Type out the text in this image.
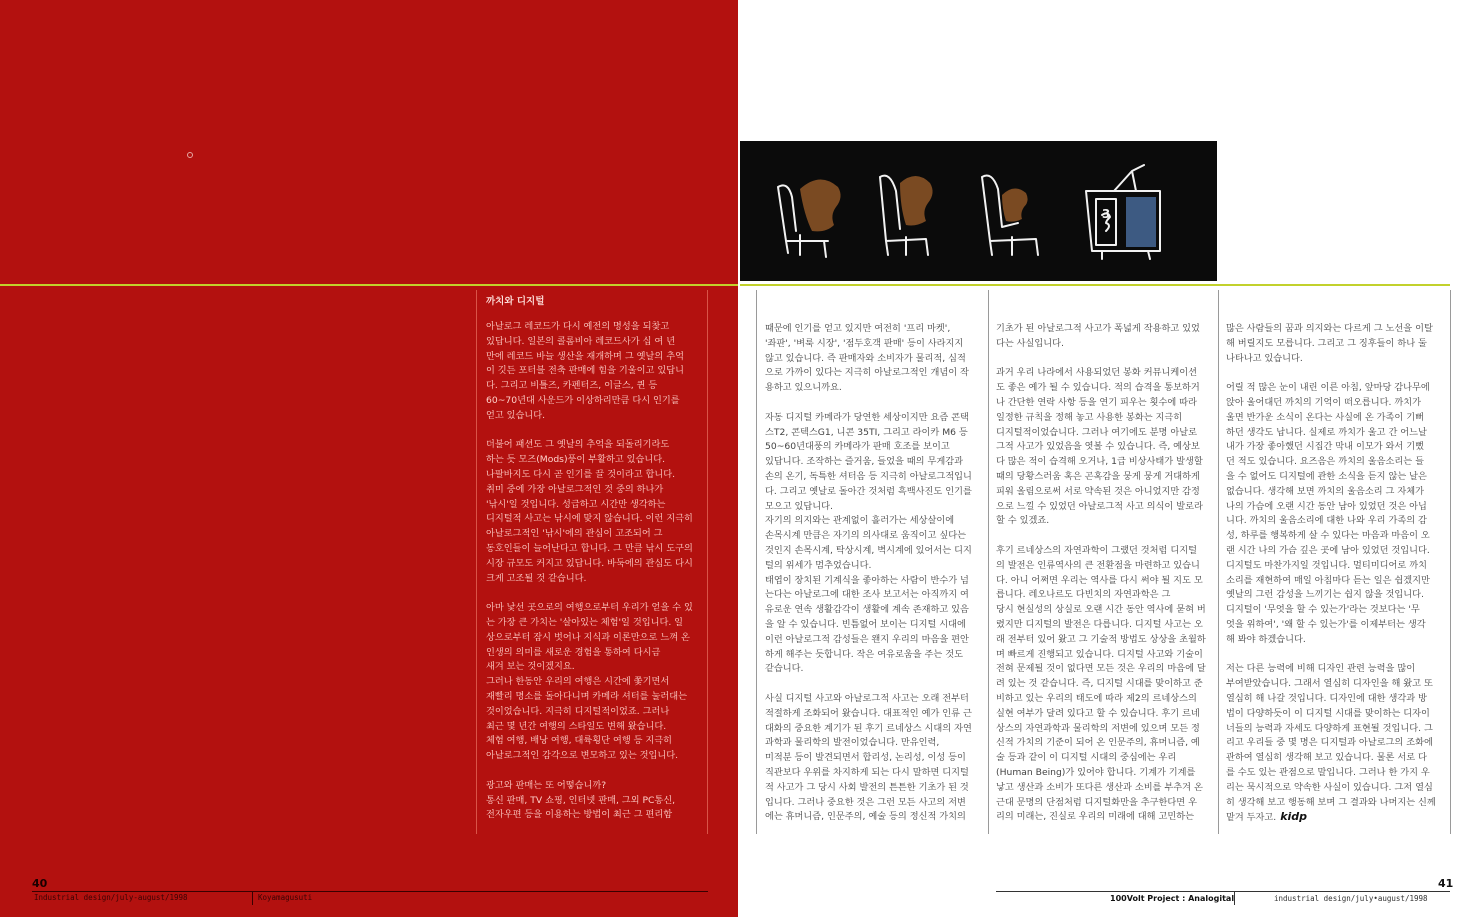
3
까치와 디지털
아날로그 레코드가 다시 예전의 명성을 되찾고
있답니다. 일본의 콜롬비아 레코드사가 십 여 년
만에 레코드 바늘 생산을 재개하며 그 옛날의 추억
이 깃든 포터블 전축 판매에 힘을 기울이고 있답니
다. 그리고 비틀즈, 카펜터즈, 이글스, 퀸 등
60~70년대 사운드가 이상하리만큼 다시 인기를
얻고 있습니다.

더불어 패션도 그 옛날의 추억을 되돌리기라도
하는 듯 모즈(Mods)풍이 부활하고 있습니다.
나팔바지도 다시 곧 인기를 끌 것이라고 합니다.
취미 중에 가장 아날로그적인 것 중의 하나가
'낚시'일 것입니다. 성급하고 시간만 생각하는
디지털적 사고는 낚시에 맞지 않습니다. 이런 지극히
아날로그적인 '낚시'에의 관심이 고조되어 그
동호인들이 늘어난다고 합니다. 그 만큼 낚시 도구의
시장 규모도 커지고 있답니다. 바둑에의 관심도 다시
크게 고조될 것 같습니다.

아마 낯선 곳으로의 여행으로부터 우리가 얻을 수 있
는 가장 큰 가치는 '살아있는 체험'일 것입니다. 일
상으로부터 잠시 벗어나 지식과 이론만으로 느껴 온
인생의 의미를 새로운 경험을 통하여 다시금
새겨 보는 것이겠지요.
그러나 한동안 우리의 여행은 시간에 쫓기면서
재빨리 명소를 돌아다니며 카메라 셔터를 눌러대는
것이었습니다. 지극히 디지털적이었죠. 그러나
최근 몇 년간 여행의 스타일도 변해 왔습니다.
체험 여행, 배낭 여행, 대륙횡단 여행 등 지극히
아날로그적인 감각으로 변모하고 있는 것입니다.

광고와 판매는 또 어떻습니까?
통신 판매, TV 쇼핑, 인터넷 판매, 그외 PC통신,
전자우편 등을 이용하는 방법이 최근 그 편리함
때문에 인기를 얻고 있지만 여전히 '프리 마켓',
'좌판', '벼룩 시장', '점두호객 판매' 등이 사라지지
않고 있습니다. 즉 판매자와 소비자가 물리적, 심적
으로 가까이 있다는 지극히 아날로그적인 개념이 작
용하고 있으니까요.

자동 디지털 카메라가 당연한 세상이지만 요즘 콘택
스T2, 콘텍스G1, 니콘 35TI, 그리고 라이카 M6 등
50~60년대풍의 카메라가 판매 호조를 보이고
있답니다. 조작하는 즐거움, 들었을 때의 무게감과
손의 온기, 독특한 셔터음 등 지극히 아날로그적입니
다. 그리고 옛날로 돌아간 것처럼 흑백사진도 인기를
모으고 있답니다.
자기의 의지와는 관계없이 흘러가는 세상살이에
손목시계 만큼은 자기의 의사대로 움직이고 싶다는
것인지 손목시계, 탁상시계, 벽시계에 있어서는 디지
털의 위세가 멈추었습니다.
태엽이 장치된 기계식을 좋아하는 사람이 반수가 넘
는다는 아날로그에 대한 조사 보고서는 아직까지 여
유로운 연속 생활감각이 생활에 계속 존재하고 있음
을 알 수 있습니다. 빈틈없어 보이는 디지털 시대에
이런 아날로그적 감성들은 왠지 우리의 마음을 편안
하게 해주는 듯합니다. 작은 여유로움을 주는 것도
같습니다.

사실 디지털 사고와 아날로그적 사고는 오래 전부터
적절하게 조화되어 왔습니다. 대표적인 예가 인류 근
대화의 중요한 계기가 된 후기 르네상스 시대의 자연
과학과 물리학의 발전이었습니다. 만유인력,
미적분 등이 발견되면서 합리성, 논리성, 이성 등이
직관보다 우위를 차지하게 되는 다시 말하면 디지털
적 사고가 그 당시 사회 발전의 튼튼한 기초가 된 것
입니다. 그러나 중요한 것은 그런 모든 사고의 저변
에는 휴머니즘, 인문주의, 예술 등의 정신적 가치의
기초가 된 아날로그적 사고가 폭넓게 작용하고 있었
다는 사실입니다.

과거 우리 나라에서 사용되었던 봉화 커뮤니케이션
도 좋은 예가 될 수 있습니다. 적의 습격을 통보하거
나 간단한 연락 사항 등을 연기 피우는 횟수에 따라
일정한 규칙을 정해 놓고 사용한 봉화는 지극히
디지털적이었습니다. 그러나 여기에도 분명 아날로
그적 사고가 있었음을 엿볼 수 있습니다. 즉, 예상보
다 많은 적이 습격해 오거나, 1급 비상사태가 발생할
때의 당황스러움 혹은 곤혹감을 뭉게 뭉게 거대하게
피워 올림으로써 서로 약속된 것은 아니었지만 감정
으로 느낄 수 있었던 아날로그적 사고 의식이 발로라
할 수 있겠죠.

후기 르네상스의 자연과학이 그랬던 것처럼 디지털
의 발전은 인류역사의 큰 전환점을 마련하고 있습니
다. 아니 어쩌면 우리는 역사를 다시 써야 될 지도 모
릅니다. 레오나르도 다빈치의 자연과학은 그
당시 현실성의 상실로 오랜 시간 동안 역사에 묻혀 버
렸지만 디지털의 발전은 다릅니다. 디지털 사고는 오
래 전부터 있어 왔고 그 기술적 방법도 상상을 초월하
며 빠르게 진행되고 있습니다. 디지털 사고와 기술이
전혀 문제될 것이 없다면 모든 것은 우리의 마음에 달
려 있는 것 같습니다. 즉, 디지털 시대를 맞이하고 준
비하고 있는 우리의 태도에 따라 제2의 르네상스의
실현 여부가 달려 있다고 할 수 있습니다. 후기 르네
상스의 자연과학과 물리학의 저변에 있으며 모든 정
신적 가치의 기준이 되어 온 인문주의, 휴머니즘, 예
술 등과 같이 이 디지털 시대의 중심에는 우리
(Human Being)가 있어야 합니다. 기계가 기계를
낳고 생산과 소비가 또다른 생산과 소비를 부추겨 온
근대 문명의 단점처럼 디지털화만을 추구한다면 우
리의 미래는, 진실로 우리의 미래에 대해 고민하는
많은 사람들의 꿈과 의지와는 다르게 그 노선을 이탈
해 버릴지도 모릅니다. 그리고 그 징후들이 하나 둘
나타나고 있습니다.

어릴 적 많은 눈이 내린 이른 아침, 앞마당 감나무에
앉아 울어대던 까치의 기억이 떠오릅니다. 까치가
울면 반가운 소식이 온다는 사실에 온 가족이 기뻐
하던 생각도 납니다. 실제로 까치가 울고 간 어느날
내가 가장 좋아했던 시집간 막내 이모가 와서 기뻤
던 적도 있습니다. 요즈음은 까치의 울음소리는 들
을 수 없어도 디지털에 관한 소식을 듣지 않는 날은
없습니다. 생각해 보면 까치의 울음소리 그 자체가
나의 가슴에 오랜 시간 동안 남아 있었던 것은 아닙
니다. 까치의 울음소리에 대한 나와 우리 가족의 감
성, 하루를 행복하게 살 수 있다는 마음과 마음이 오
랜 시간 나의 가슴 깊은 곳에 남아 있었던 것입니다.
디지털도 마찬가지일 것입니다. 멀티미디어로 까치
소리를 재현하여 매일 아침마다 듣는 일은 쉽겠지만
옛날의 그런 감성을 느끼기는 쉽지 않을 것입니다.
디지털이 '무엇을 할 수 있는가'라는 것보다는 '무
엇을 위하여', '왜 할 수 있는가'를 이제부터는 생각
해 봐야 하겠습니다.

저는 다른 능력에 비해 디자인 관련 능력을 많이
부여받았습니다. 그래서 열심히 디자인을 해 왔고 또
열심히 해 나갈 것입니다. 디자인에 대한 생각과 방
법이 다양하듯이 이 디지털 시대를 맞이하는 디자이
너들의 능력과 자세도 다양하게 표현될 것입니다. 그
리고 우리들 중 몇 명은 디지털과 아날로그의 조화에
관하여 열심히 생각해 보고 있습니다. 물론 서로 다
를 수도 있는 관점으로 말입니다. 그러나 한 가지 우
리는 묵시적으로 약속한 사실이 있습니다. 그저 열심
히 생각해 보고 행동해 보며 그 결과와 나머지는 신께
맡겨 두자고. kidp
40
Industrial design/july-august/1998	Koyamagusuti
41
100Volt Project : Analogital	industrial design/july•august/1998
